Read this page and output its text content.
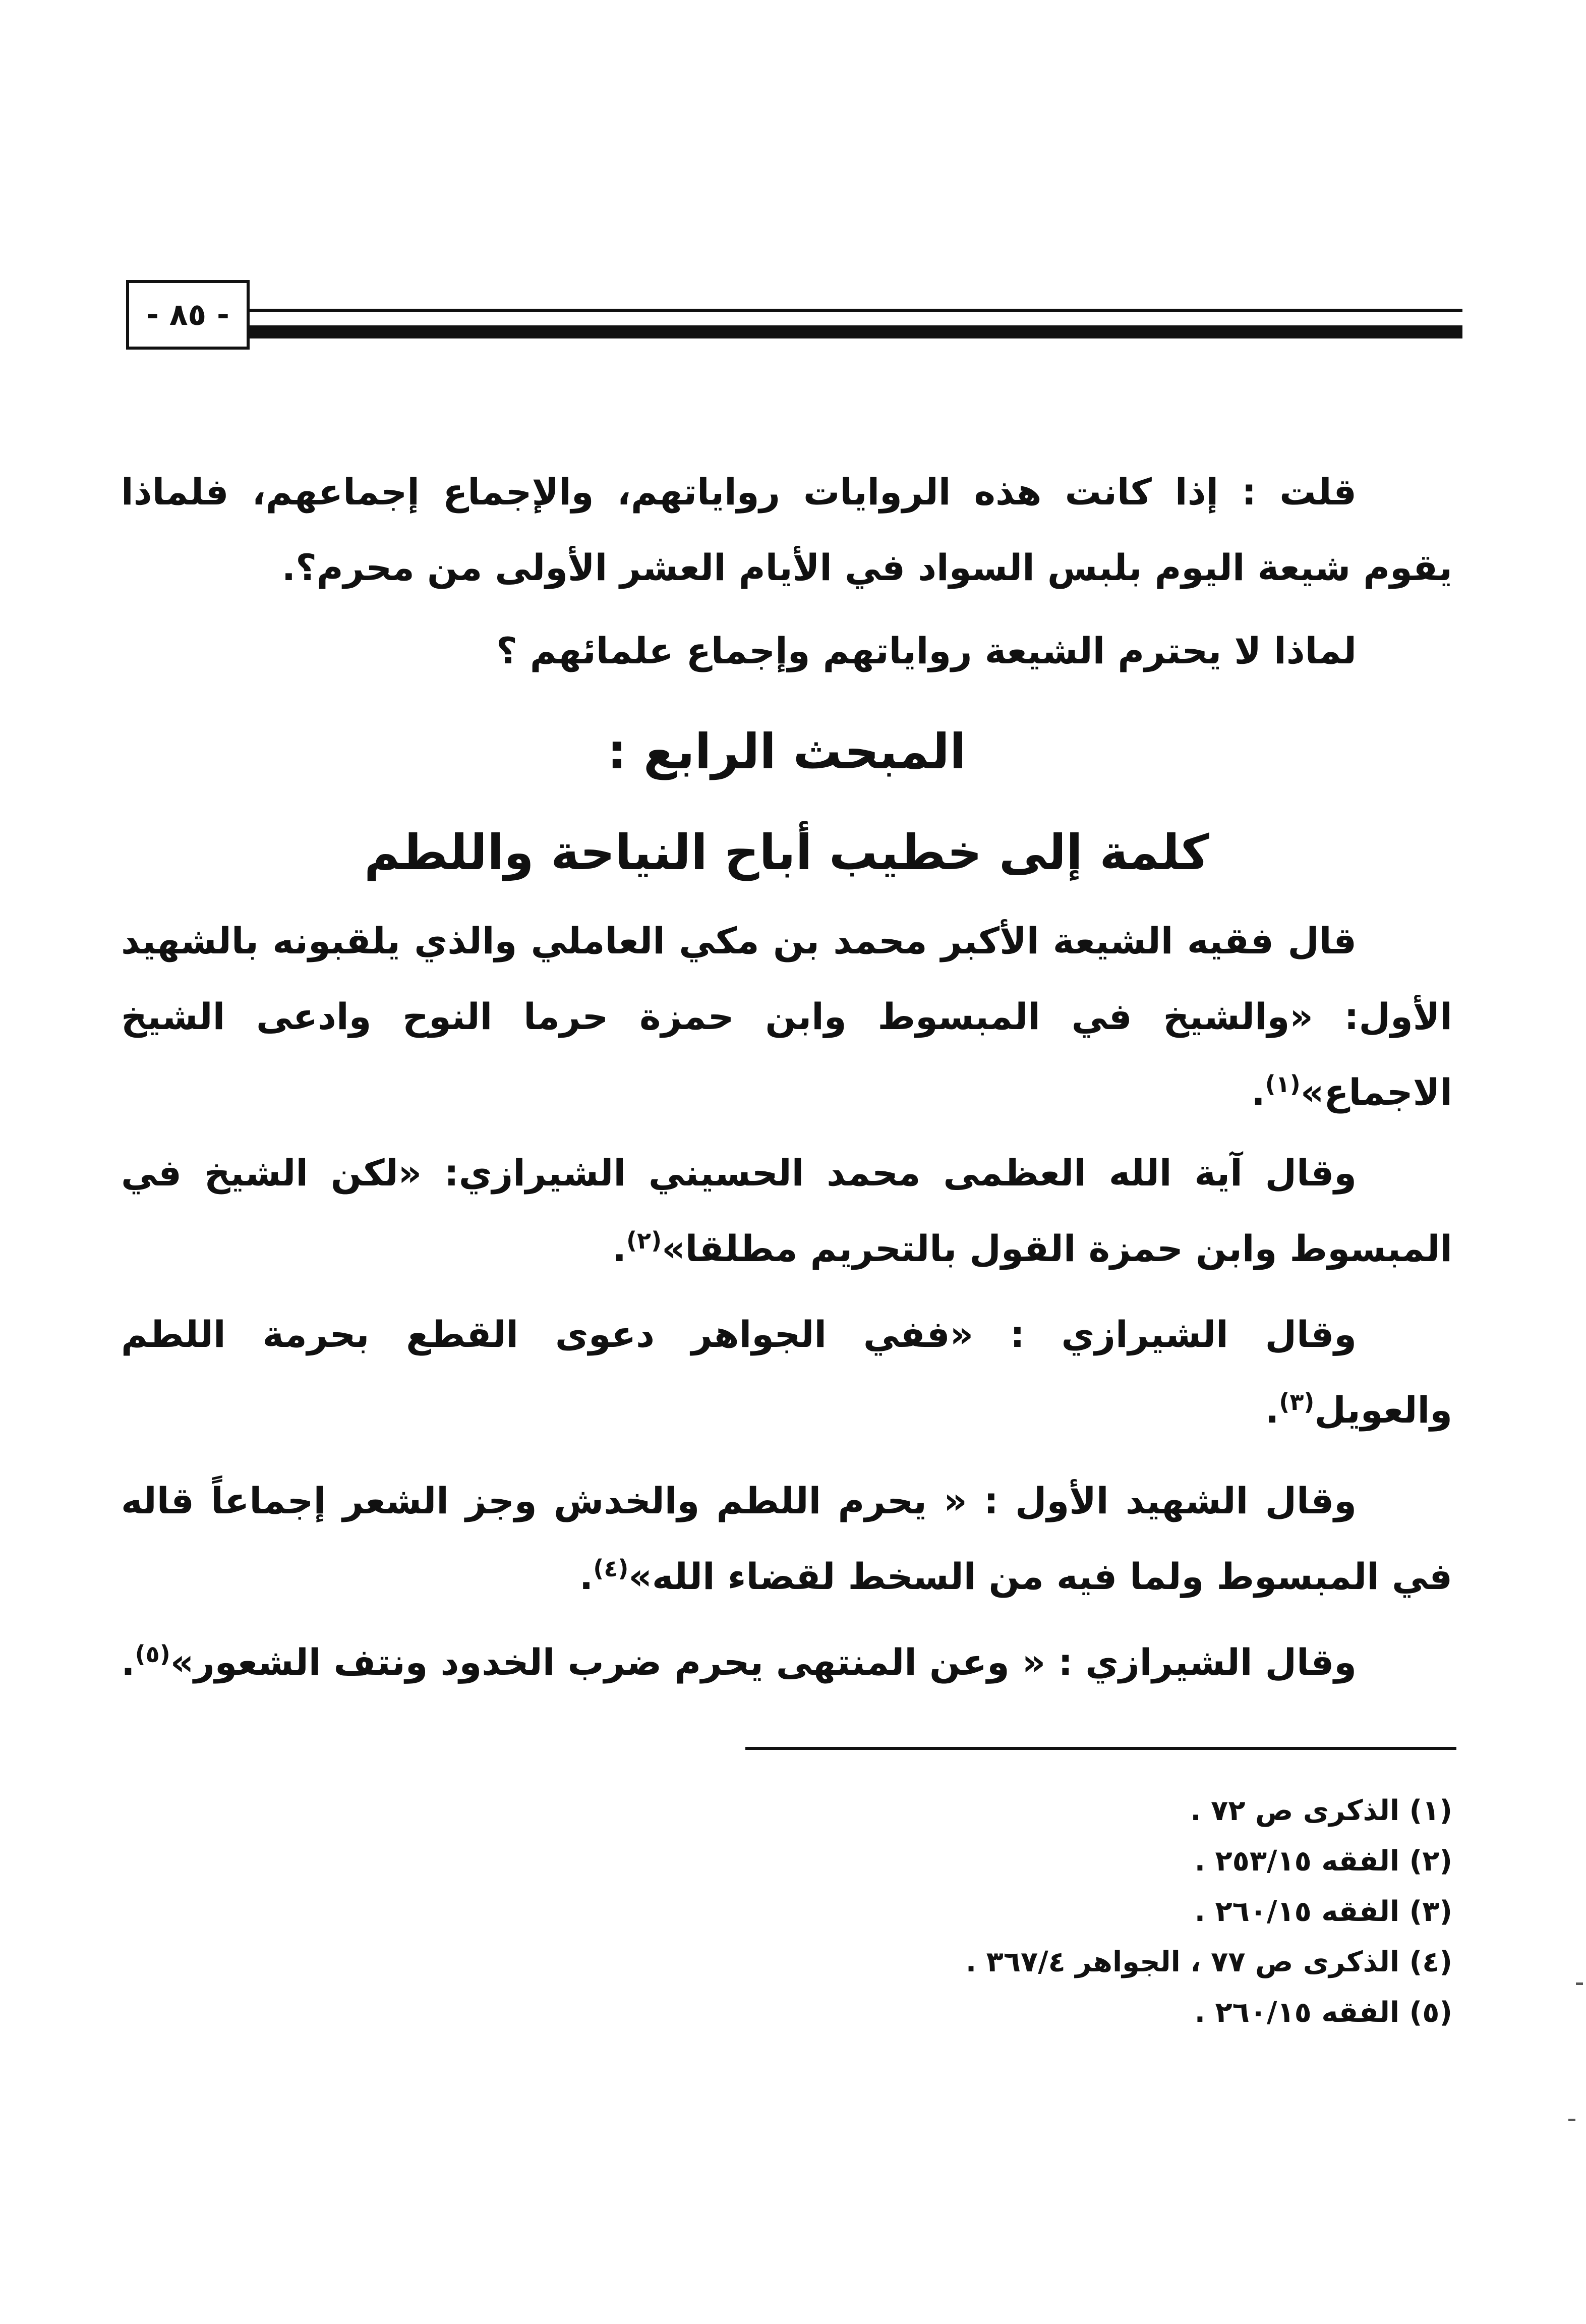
- ٨٥ -
قلت : إذا كانت هذه الروايات رواياتهم، والإجماع إجماعهم، فلماذا يقوم شيعة اليوم بلبس السواد في الأيام العشر الأولى من محرم؟.
لماذا لا يحترم الشيعة رواياتهم وإجماع علمائهم ؟
المبحث الرابع :
كلمة إلى خطيب أباح النياحة واللطم
قال فقيه الشيعة الأكبر محمد بن مكي العاملي والذي يلقبونه بالشهيد الأول: «والشيخ في المبسوط وابن حمزة حرما النوح وادعى الشيخ الاجماع»$^{(١)}$.
وقال آية الله العظمى محمد الحسيني الشيرازي: «لكن الشيخ في المبسوط وابن حمزة القول بالتحريم مطلقا»$^{(٢)}$.
وقال الشيرازي : «ففي الجواهر دعوى القطع بحرمة اللطم والعويل$^{(٣)}$.
وقال الشهيد الأول : « يحرم اللطم والخدش وجز الشعر إجماعاً قاله في المبسوط ولما فيه من السخط لقضاء الله»$^{(٤)}$.
وقال الشيرازي : « وعن المنتهى يحرم ضرب الخدود ونتف الشعور»$^{(٥)}$.
(١) الذكرى ص ٧٢ .
(٢) الفقه ٢٥٣/١٥ .
(٣) الفقه ٢٦٠/١٥ .
(٤) الذكرى ص ٧٧ ، الجواهر ٣٦٧/٤ .
(٥) الفقه ٢٦٠/١٥ .
